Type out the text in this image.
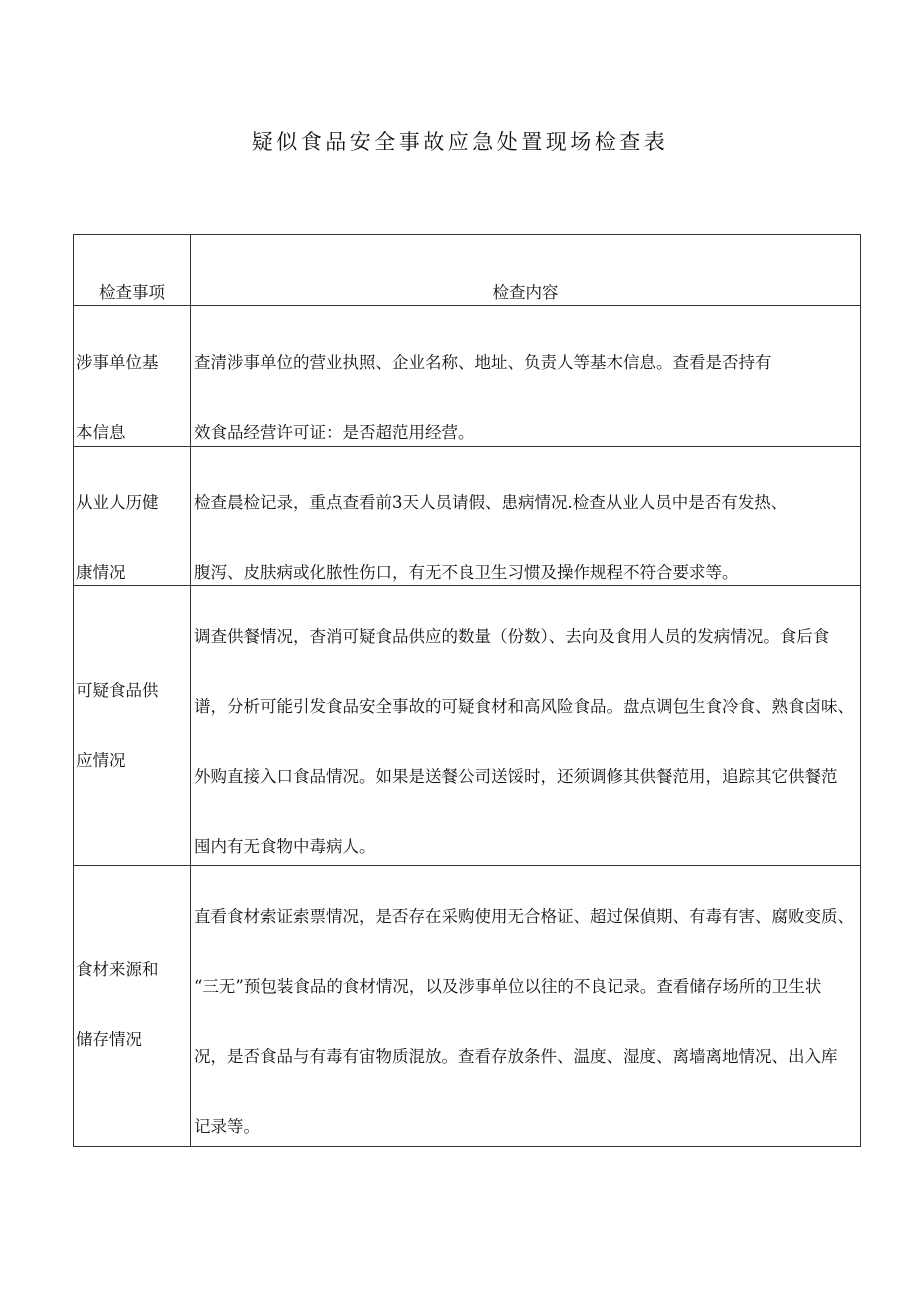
疑似食品安全事故应急处置现场检查表
检查事项	检查内容
涉事单位基
本信息
查清涉事单位的营业执照、企业名称、地址、负责人等基木信息。查看是否持有
效食品经营许可证：是否超范用经营。
从业人历健
康情况
检查晨检记录，重点查看前3天人员请假、患病情况.检查从业人员中是否有发热、
腹泻、皮肤病或化脓性伤口，有无不良卫生习惯及操作规程不符合要求等。
可疑食品供
应情况
调查供餐情况，杳消可疑食品供应的数量（份数）、去向及食用人员的发病情况。食后食
谱，分析可能引发食品安全事故的可疑食材和高风险食品。盘点调包生食冷食、熟食卤味、
外购直接入口食品情况。如果是送餐公司送馁时，还须调修其供餐范用，追踪其它供餐范
囤内有无食物中毒病人。
食材来源和
储存情况
直看食材索证索票情况，是否存在采购使用无合格证、超过保偵期、有毒有害、腐败变质、
“三无”预包装食品的食材情况，以及涉事单位以往的不良记录。查看储存场所的卫生状
况，是否食品与有毒有宙物质混放。查看存放条件、温度、湿度、离墙离地情况、出入库
记录等。
